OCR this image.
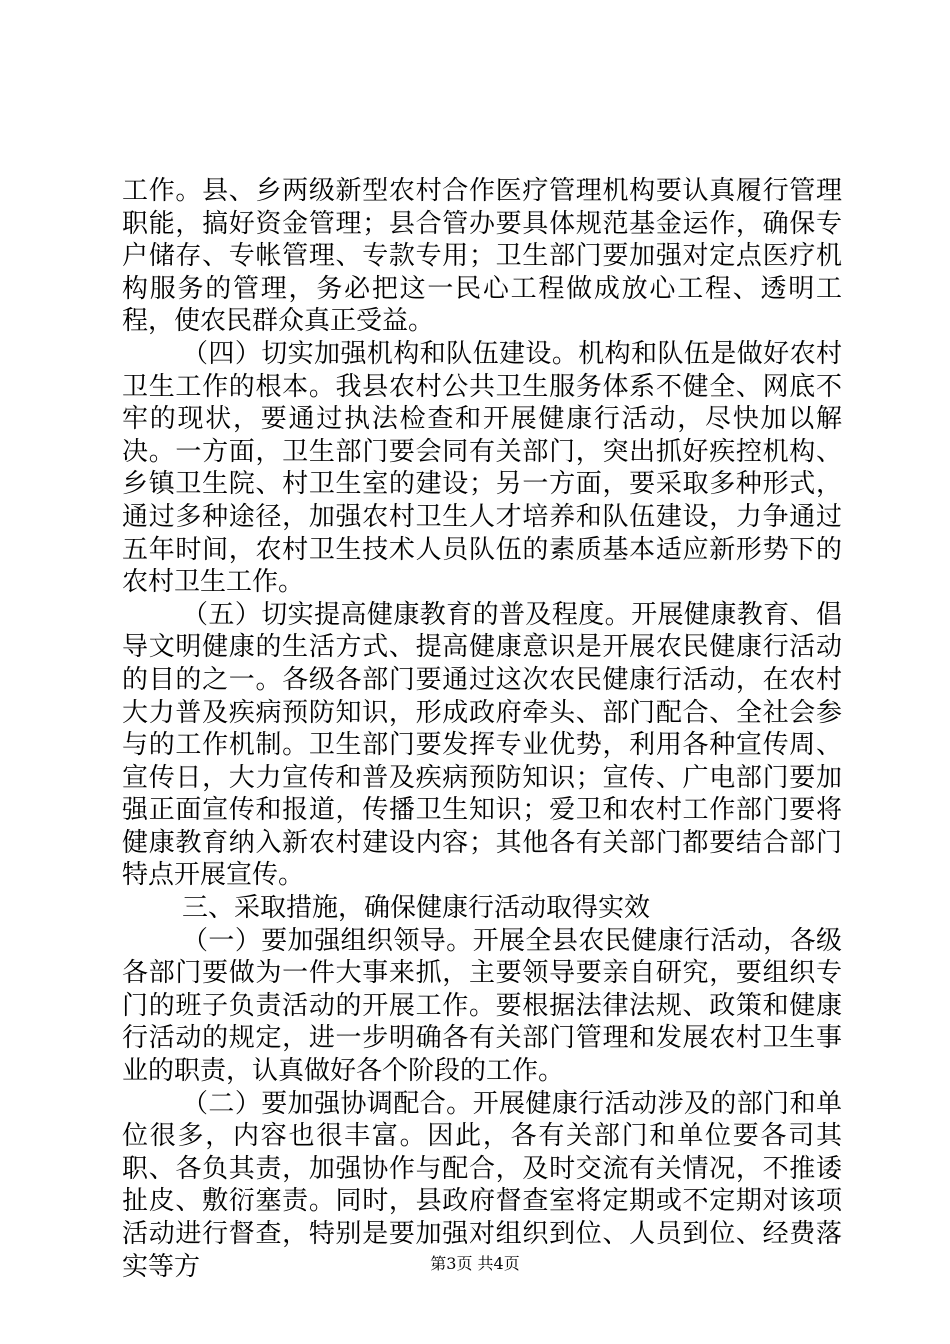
工作。县、乡两级新型农村合作医疗管理机构要认真履行管理职能，搞好资金管理；县合管办要具体规范基金运作，确保专户储存、专帐管理、专款专用；卫生部门要加强对定点医疗机构服务的管理，务必把这一民心工程做成放心工程、透明工程，使农民群众真正受益。

（四）切实加强机构和队伍建设。机构和队伍是做好农村卫生工作的根本。我县农村公共卫生服务体系不健全、网底不牢的现状，要通过执法检查和开展健康行活动，尽快加以解决。一方面，卫生部门要会同有关部门，突出抓好疾控机构、乡镇卫生院、村卫生室的建设；另一方面，要采取多种形式，通过多种途径，加强农村卫生人才培养和队伍建设，力争通过五年时间，农村卫生技术人员队伍的素质基本适应新形势下的农村卫生工作。

（五）切实提高健康教育的普及程度。开展健康教育、倡导文明健康的生活方式、提高健康意识是开展农民健康行活动的目的之一。各级各部门要通过这次农民健康行活动，在农村大力普及疾病预防知识，形成政府牵头、部门配合、全社会参与的工作机制。卫生部门要发挥专业优势，利用各种宣传周、宣传日，大力宣传和普及疾病预防知识；宣传、广电部门要加强正面宣传和报道，传播卫生知识；爱卫和农村工作部门要将健康教育纳入新农村建设内容；其他各有关部门都要结合部门特点开展宣传。

三、采取措施，确保健康行活动取得实效

（一）要加强组织领导。开展全县农民健康行活动，各级各部门要做为一件大事来抓，主要领导要亲自研究，要组织专门的班子负责活动的开展工作。要根据法律法规、政策和健康行活动的规定，进一步明确各有关部门管理和发展农村卫生事业的职责，认真做好各个阶段的工作。

（二）要加强协调配合。开展健康行活动涉及的部门和单位很多，内容也很丰富。因此，各有关部门和单位要各司其职、各负其责，加强协作与配合，及时交流有关情况，不推诿扯皮、敷衍塞责。同时，县政府督查室将定期或不定期对该项活动进行督查，特别是要加强对组织到位、人员到位、经费落实等方	第3页 共4页
